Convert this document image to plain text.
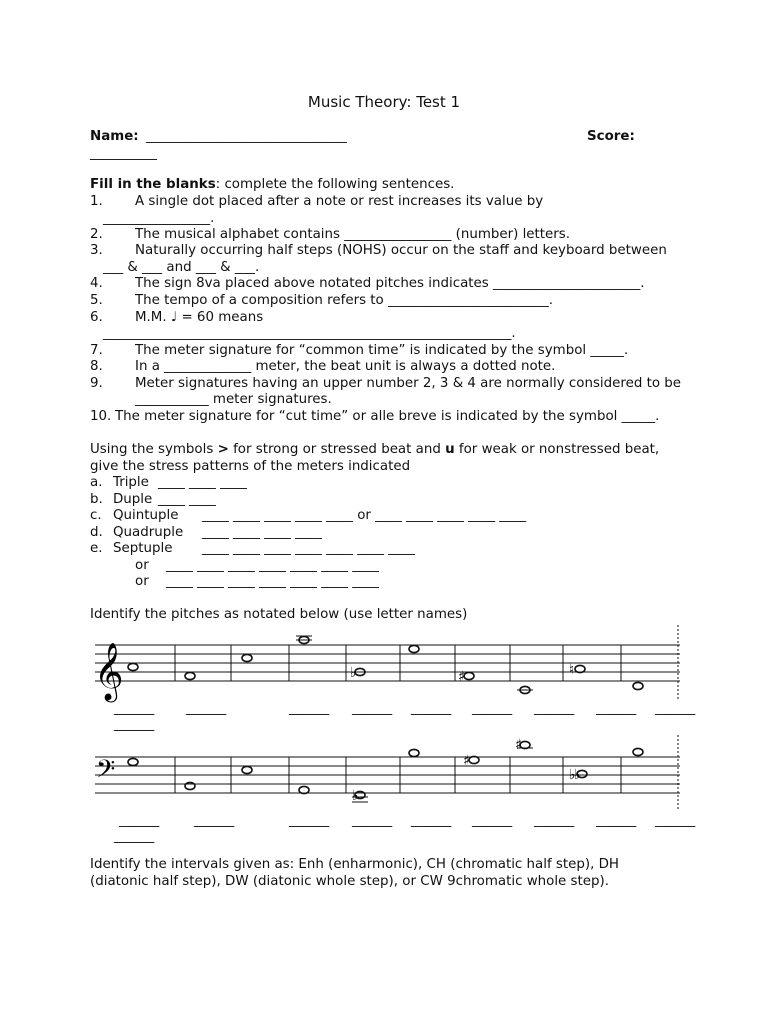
Music Theory: Test 1
Name: ______________________________	Score:
__________
Fill in the blanks: complete the following sentences.
1. A single dot placed after a note or rest increases its value by
________________.
2. The musical alphabet contains ________________ (number) letters.
3. Naturally occurring half steps (NOHS) occur on the staff and keyboard between
___ & ___ and ___ & ___.
4. The sign 8va placed above notated pitches indicates ______________________.
5. The tempo of a composition refers to ________________________.
6. M.M. ♩ = 60 means
_____________________________________________________________.
7. The meter signature for “common time” is indicated by the symbol _____.
8. In a _____________ meter, the beat unit is always a dotted note.
9. Meter signatures having an upper number 2, 3 & 4 are normally considered to be
___________ meter signatures.
10. The meter signature for “cut time” or alle breve is indicated by the symbol _____.
Using the symbols > for strong or stressed beat and u for weak or nonstressed beat,
give the stress patterns of the meters indicated
a. Triple ____ ____ ____
b. Duple ____ ____
c. Quintuple ____ ____ ____ ____ ____ or ____ ____ ____ ____ ____
d. Quadruple ____ ____ ____ ____
e. Septuple ____ ____ ____ ____ ____ ____ ____
or ____ ____ ____ ____ ____ ____ ____
or ____ ____ ____ ____ ____ ____ ____
Identify the pitches as notated below (use letter names)
𝄞	♭	♯	♮
______ ______	______ ______ ______ ______ ______ ______ ______
______
𝄢
♭
♯
♯
♭
♭
______	______	______ ______ ______ ______ ______ ______ ______
______
Identify the intervals given as: Enh (enharmonic), CH (chromatic half step), DH
(diatonic half step), DW (diatonic whole step), or CW 9chromatic whole step).
